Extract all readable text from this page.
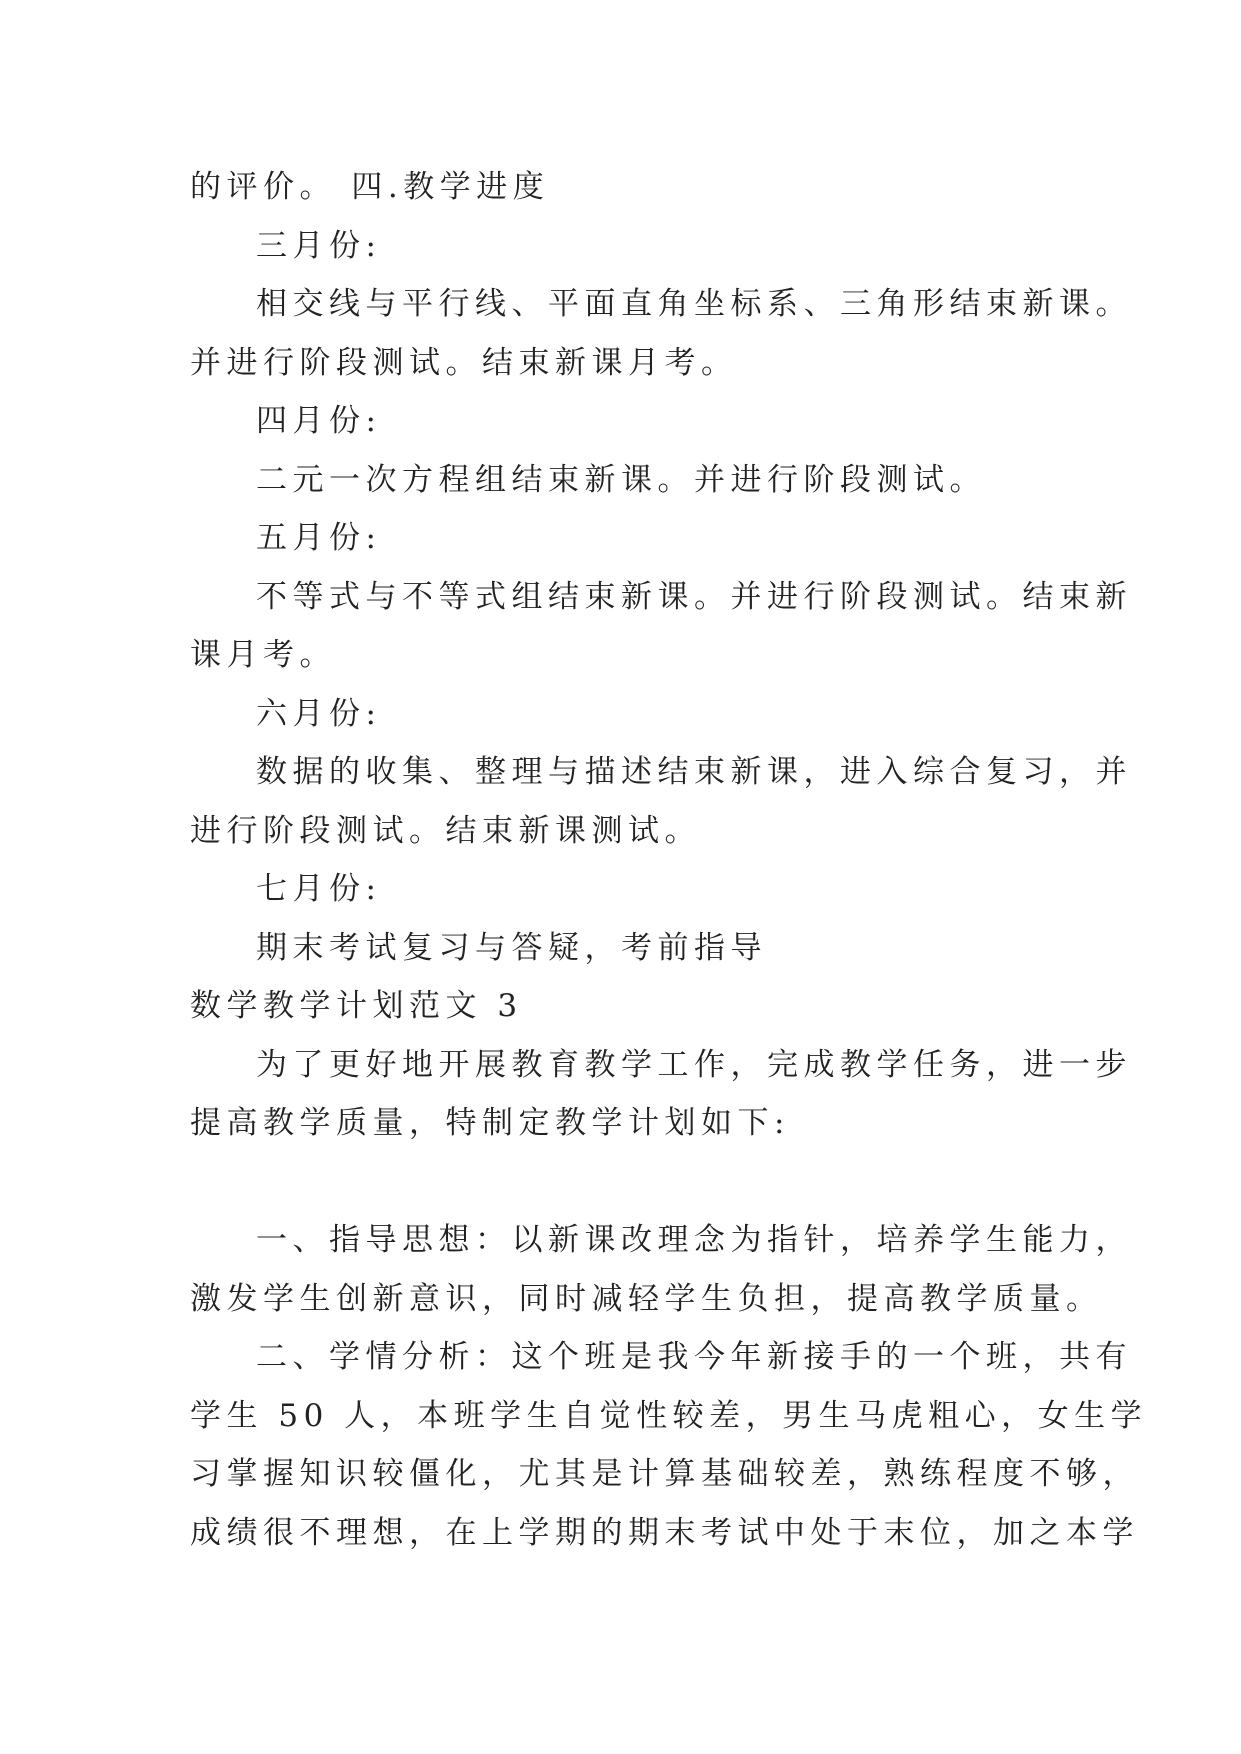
的评价。 四.教学进度
三月份:
相交线与平行线、平面直角坐标系、三角形结束新课。
并进行阶段测试。结束新课月考。
四月份:
二元一次方程组结束新课。并进行阶段测试。
五月份:
不等式与不等式组结束新课。并进行阶段测试。结束新
课月考。
六月份:
数据的收集、整理与描述结束新课，进入综合复习，并
进行阶段测试。结束新课测试。
七月份:
期末考试复习与答疑，考前指导
数学教学计划范文 3
为了更好地开展教育教学工作，完成教学任务，进一步
提高教学质量，特制定教学计划如下:
一、指导思想：以新课改理念为指针，培养学生能力，
激发学生创新意识，同时减轻学生负担，提高教学质量。
二、学情分析：这个班是我今年新接手的一个班，共有
学生 50 人，本班学生自觉性较差，男生马虎粗心，女生学
习掌握知识较僵化，尤其是计算基础较差，熟练程度不够，
成绩很不理想，在上学期的期末考试中处于末位，加之本学
